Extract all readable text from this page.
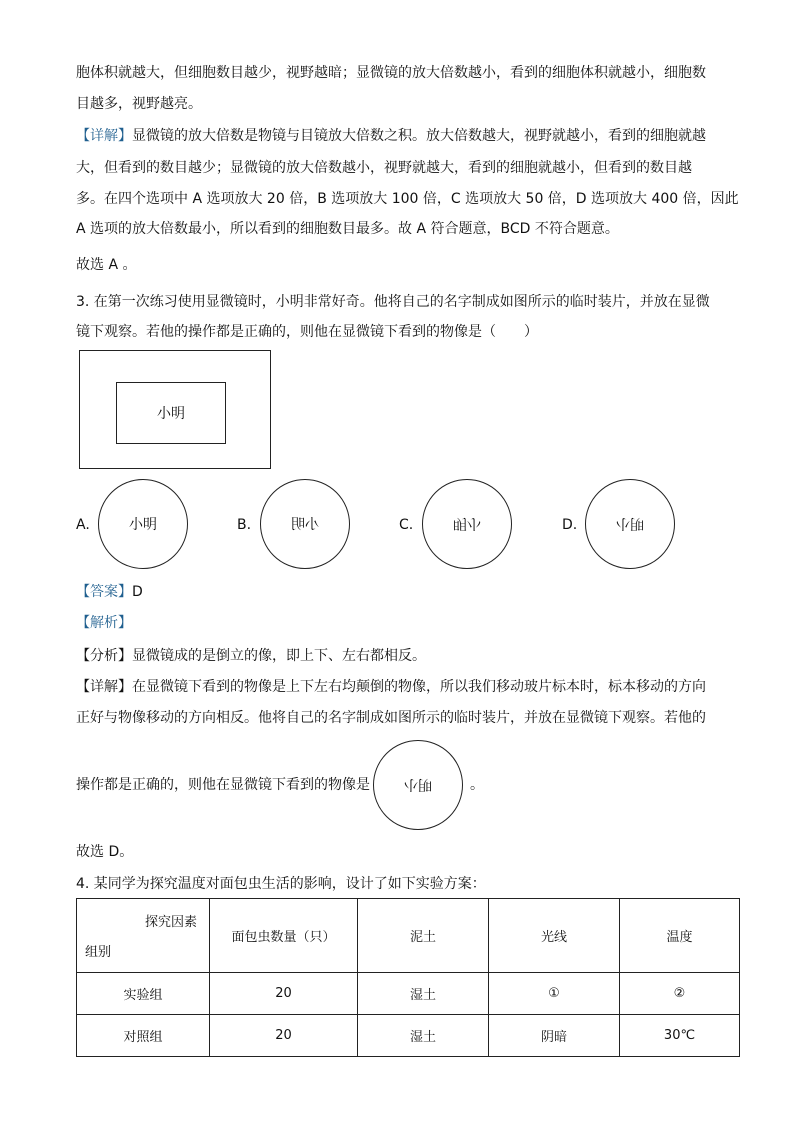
胞体积就越大，但细胞数目越少，视野越暗；显微镜的放大倍数越小，看到的细胞体积就越小，细胞数
目越多，视野越亮。
【详解】显微镜的放大倍数是物镜与目镜放大倍数之积。放大倍数越大，视野就越小，看到的细胞就越
大，但看到的数目越少；显微镜的放大倍数越小，视野就越大，看到的细胞就越小，但看到的数目越
多。在四个选项中 A 选项放大 20 倍，B 选项放大 100 倍，C 选项放大 50 倍，D 选项放大 400 倍，因此
A 选项的放大倍数最小，所以看到的细胞数目最多。故 A 符合题意，BCD 不符合题意。
故选 A 。
3. 在第一次练习使用显微镜时，小明非常好奇。他将自己的名字制成如图所示的临时装片，并放在显微
镜下观察。若他的操作都是正确的，则他在显微镜下看到的物像是（　　）
小明
A.	小明	B.	小明	C.	明小	D.	明小
【答案】D
【解析】
【分析】显微镜成的是倒立的像，即上下、左右都相反。
【详解】在显微镜下看到的物像是上下左右均颠倒的物像，所以我们移动玻片标本时，标本移动的方向
正好与物像移动的方向相反。他将自己的名字制成如图所示的临时装片，并放在显微镜下观察。若他的
操作都是正确的，则他在显微镜下看到的物像是 明小	。
故选 D。
4. 某同学为探究温度对面包虫生活的影响，设计了如下实验方案：
探究因素
组别	面包虫数量（只）	泥土	光线	温度
实验组	20	湿土	①	②
对照组	20	湿土	阴暗	30℃
